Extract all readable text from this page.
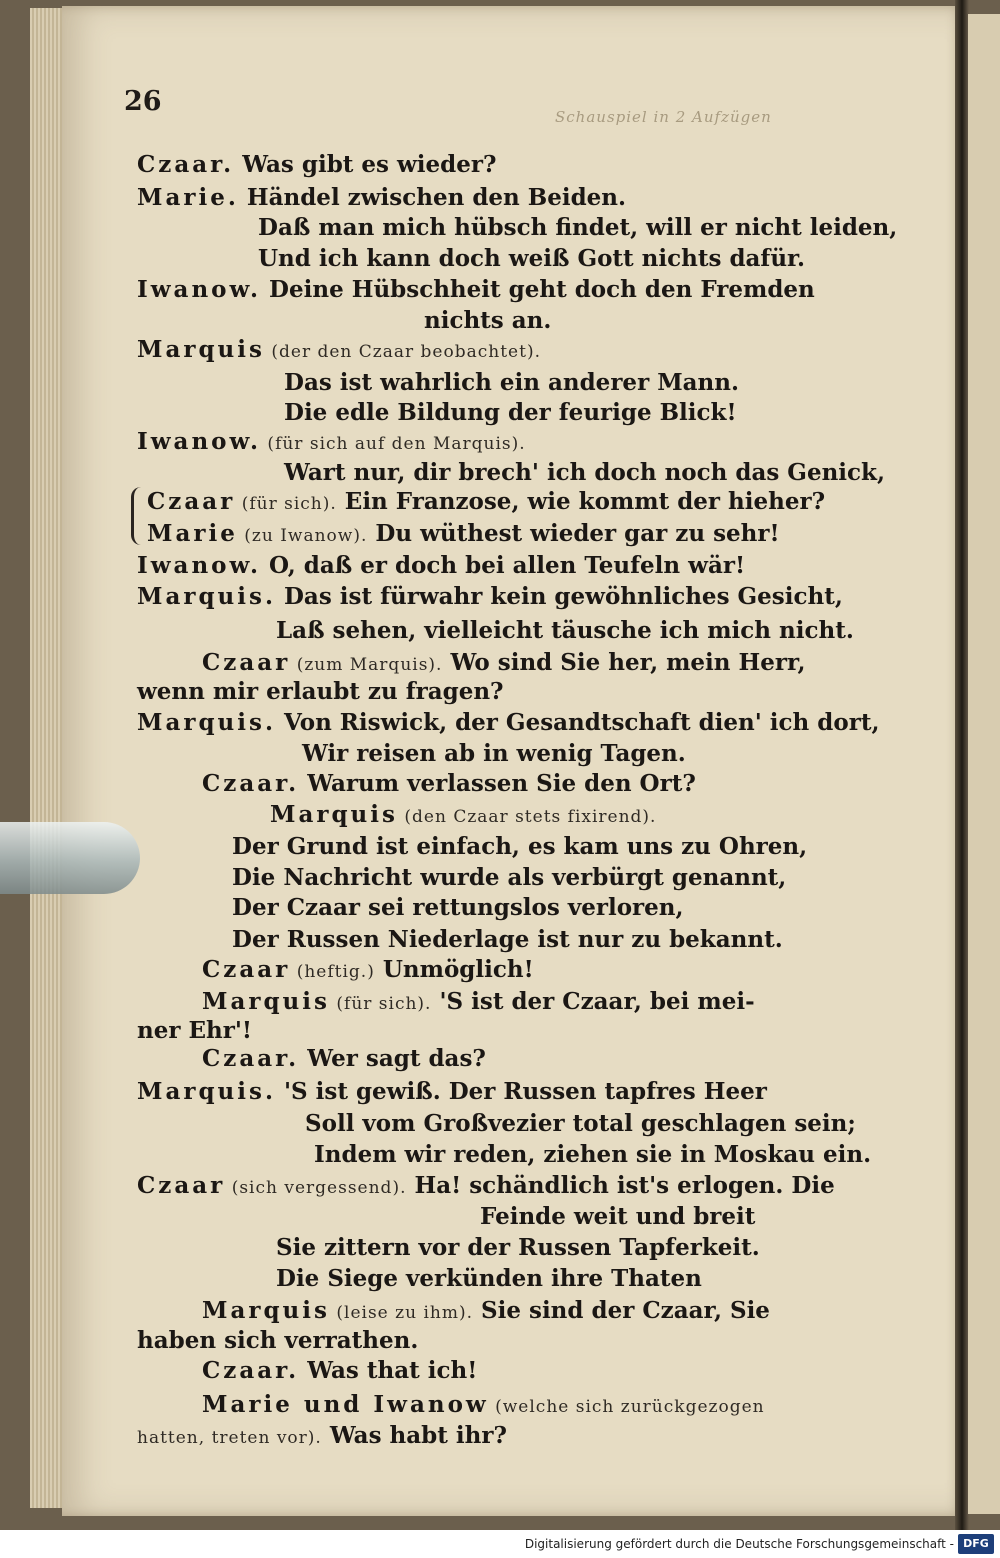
26	Schauspiel in 2 Aufzügen
Czaar. Was gibt es wieder?
Marie. Händel zwischen den Beiden.
Daß man mich hübsch findet, will er nicht leiden,
Und ich kann doch weiß Gott nichts dafür.
Iwanow. Deine Hübschheit geht doch den Fremden
nichts an.
Marquis (der den Czaar beobachtet).
Das ist wahrlich ein anderer Mann.
Die edle Bildung der feurige Blick!
Iwanow. (für sich auf den Marquis).
Wart nur, dir brech' ich doch noch das Genick,
Czaar (für sich). Ein Franzose, wie kommt der hieher?
Marie (zu Iwanow). Du wüthest wieder gar zu sehr!
Iwanow. O, daß er doch bei allen Teufeln wär!
Marquis. Das ist fürwahr kein gewöhnliches Gesicht,
Laß sehen, vielleicht täusche ich mich nicht.
Czaar (zum Marquis). Wo sind Sie her, mein Herr,
wenn mir erlaubt zu fragen?
Marquis. Von Riswick, der Gesandtschaft dien' ich dort,
Wir reisen ab in wenig Tagen.
Czaar. Warum verlassen Sie den Ort?
Marquis (den Czaar stets fixirend).
Der Grund ist einfach, es kam uns zu Ohren,
Die Nachricht wurde als verbürgt genannt,
Der Czaar sei rettungslos verloren,
Der Russen Niederlage ist nur zu bekannt.
Czaar (heftig.) Unmöglich!
Marquis (für sich). 'S ist der Czaar, bei mei-
ner Ehr'!
Czaar. Wer sagt das?
Marquis. 'S ist gewiß. Der Russen tapfres Heer
Soll vom Großvezier total geschlagen sein;
Indem wir reden, ziehen sie in Moskau ein.
Czaar (sich vergessend). Ha! schändlich ist's erlogen. Die
Feinde weit und breit
Sie zittern vor der Russen Tapferkeit.
Die Siege verkünden ihre Thaten
Marquis (leise zu ihm). Sie sind der Czaar, Sie
haben sich verrathen.
Czaar. Was that ich!
Marie und Iwanow (welche sich zurückgezogen
hatten, treten vor). Was habt ihr?
Digitalisierung gefördert durch die Deutsche Forschungsgemeinschaft - DFG
